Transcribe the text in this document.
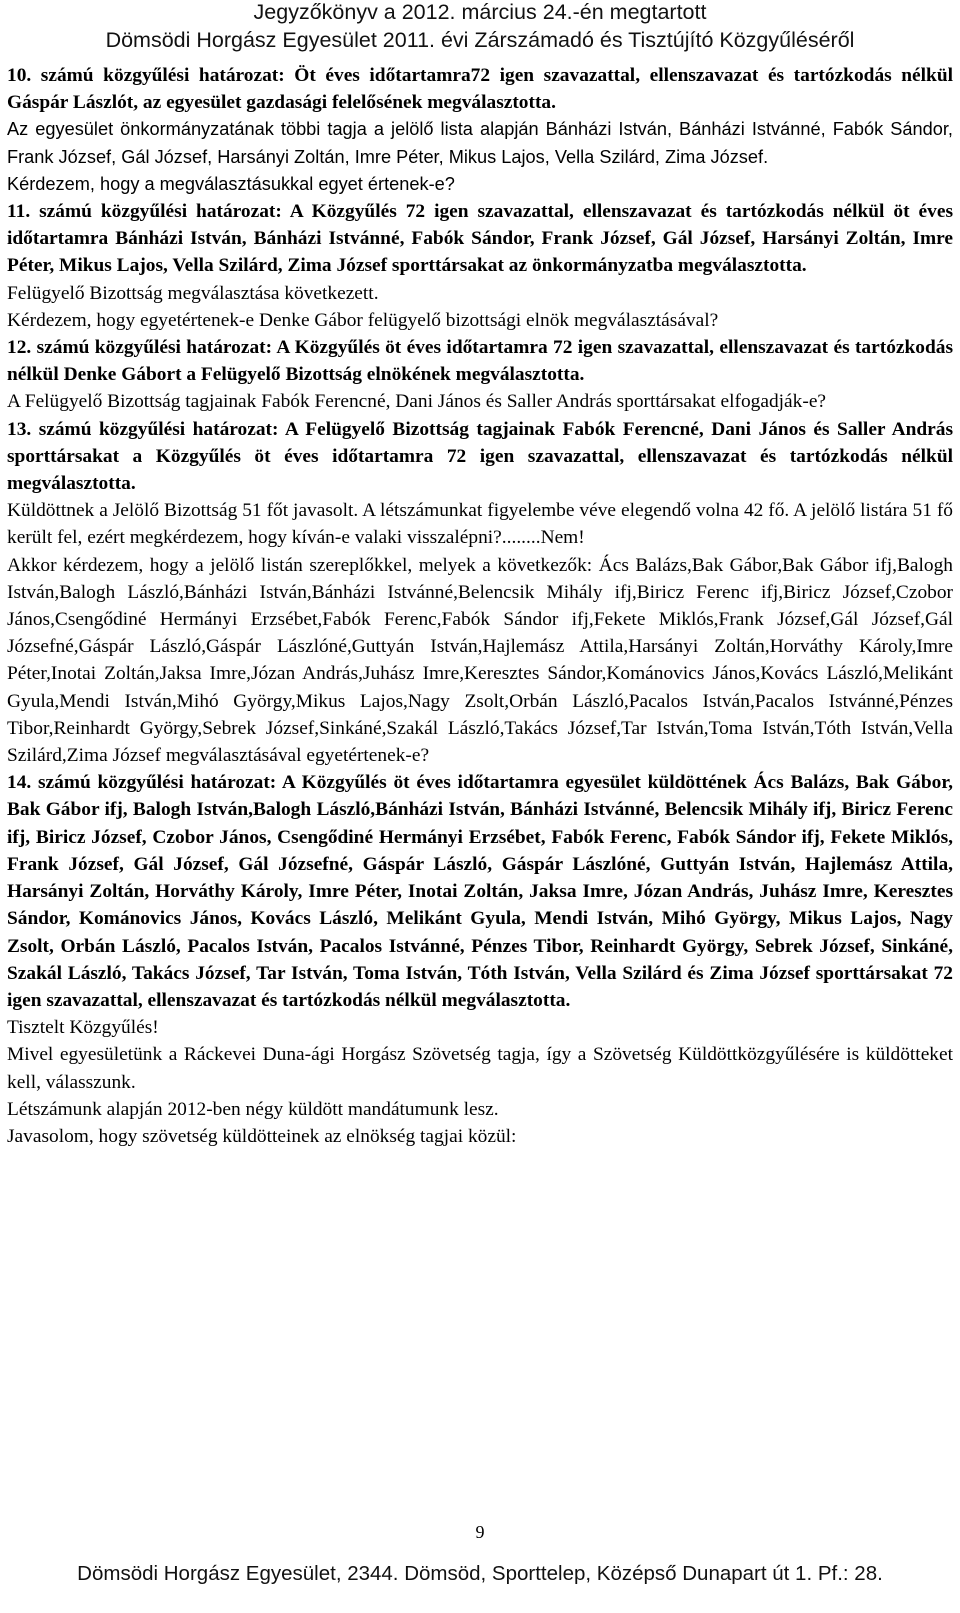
Jegyzőkönyv a 2012. március 24.-én megtartott
Dömsödi Horgász Egyesület 2011. évi Zárszámadó és Tisztújító Közgyűléséről

10. számú közgyűlési határozat: Öt éves időtartamra72 igen szavazattal, ellenszavazat és tartózkodás nélkül Gáspár Lászlót, az egyesület gazdasági felelősének megválasztotta.

Az egyesület önkormányzatának többi tagja a jelölő lista alapján Bánházi István, Bánházi Istvánné, Fabók Sándor, Frank József, Gál József, Harsányi Zoltán, Imre Péter, Mikus Lajos, Vella Szilárd, Zima József.

Kérdezem, hogy a megválasztásukkal egyet értenek-e?

11. számú közgyűlési határozat: A Közgyűlés 72 igen szavazattal, ellenszavazat és tartózkodás nélkül öt éves időtartamra Bánházi István, Bánházi Istvánné, Fabók Sándor, Frank József, Gál József, Harsányi Zoltán, Imre Péter, Mikus Lajos, Vella Szilárd, Zima József sporttársakat az önkormányzatba megválasztotta.

Felügyelő Bizottság megválasztása következett.

Kérdezem, hogy egyetértenek-e Denke Gábor felügyelő bizottsági elnök megválasztásával?

12. számú közgyűlési határozat: A Közgyűlés öt éves időtartamra 72 igen szavazattal, ellenszavazat és tartózkodás nélkül Denke Gábort a Felügyelő Bizottság elnökének megválasztotta.

A Felügyelő Bizottság tagjainak Fabók Ferencné, Dani János és Saller András sporttársakat elfogadják-e?

13. számú közgyűlési határozat: A Felügyelő Bizottság tagjainak Fabók Ferencné, Dani János és Saller András sporttársakat a Közgyűlés öt éves időtartamra 72 igen szavazattal, ellenszavazat és tartózkodás nélkül megválasztotta.

Küldöttnek a Jelölő Bizottság 51 főt javasolt. A létszámunkat figyelembe véve elegendő volna 42 fő. A jelölő listára 51 fő került fel, ezért megkérdezem, hogy kíván-e valaki visszalépni?........Nem!

Akkor kérdezem, hogy a jelölő listán szereplőkkel, melyek a következők: Ács Balázs,Bak Gábor,Bak Gábor ifj,Balogh István,Balogh László,Bánházi István,Bánházi Istvánné,Belencsik Mihály ifj,Biricz Ferenc ifj,Biricz József,Czobor János,Csengődiné Hermányi Erzsébet,Fabók Ferenc,Fabók Sándor ifj,Fekete Miklós,Frank József,Gál József,Gál Józsefné,Gáspár László,Gáspár Lászlóné,Guttyán István,Hajlemász Attila,Harsányi Zoltán,Horváthy Károly,Imre Péter,Inotai Zoltán,Jaksa Imre,Józan András,Juhász Imre,Keresztes Sándor,Kománovics János,Kovács László,Melikánt Gyula,Mendi István,Mihó György,Mikus Lajos,Nagy Zsolt,Orbán László,Pacalos István,Pacalos Istvánné,Pénzes Tibor,Reinhardt György,Sebrek József,Sinkáné,Szakál László,Takács József,Tar István,Toma István,Tóth István,Vella Szilárd,Zima József megválasztásával egyetértenek-e?

14. számú közgyűlési határozat: A Közgyűlés öt éves időtartamra egyesület küldöttének Ács Balázs, Bak Gábor, Bak Gábor ifj, Balogh István,Balogh László,Bánházi István, Bánházi Istvánné, Belencsik Mihály ifj, Biricz Ferenc ifj, Biricz József, Czobor János, Csengődiné Hermányi Erzsébet, Fabók Ferenc, Fabók Sándor ifj, Fekete Miklós, Frank József, Gál József, Gál Józsefné, Gáspár László, Gáspár Lászlóné, Guttyán István, Hajlemász Attila, Harsányi Zoltán, Horváthy Károly, Imre Péter, Inotai Zoltán, Jaksa Imre, Józan András, Juhász Imre, Keresztes Sándor, Kománovics János, Kovács László, Melikánt Gyula, Mendi István, Mihó György, Mikus Lajos, Nagy Zsolt, Orbán László, Pacalos István, Pacalos Istvánné, Pénzes Tibor, Reinhardt György, Sebrek József, Sinkáné, Szakál László, Takács József, Tar István, Toma István, Tóth István, Vella Szilárd és Zima József sporttársakat 72 igen szavazattal, ellenszavazat és tartózkodás nélkül megválasztotta.

Tisztelt Közgyűlés!

Mivel egyesületünk a Ráckevei Duna-ági Horgász Szövetség tagja, így a Szövetség Küldöttközgyűlésére is küldötteket kell, válasszunk.

Létszámunk alapján 2012-ben négy küldött mandátumunk lesz.

Javasolom, hogy szövetség küldötteinek az elnökség tagjai közül:

9
Dömsödi Horgász Egyesület, 2344. Dömsöd, Sporttelep, Középső Dunapart út 1. Pf.: 28.
